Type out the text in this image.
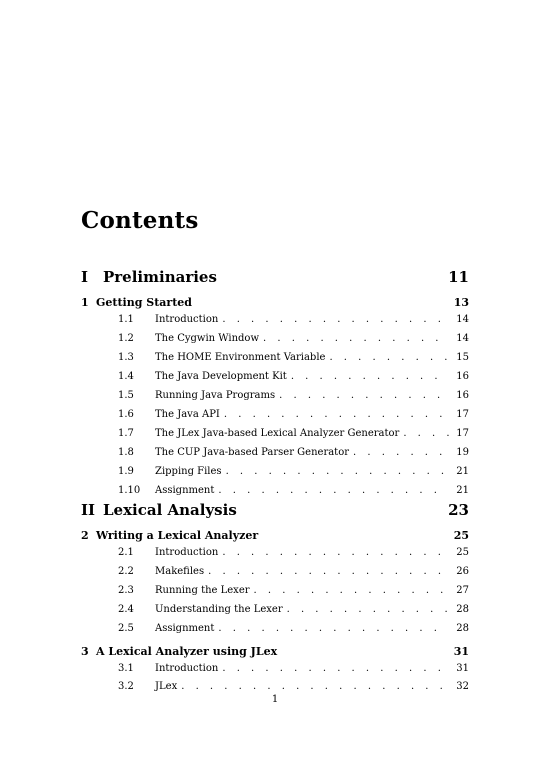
Contents
I Preliminaries	11
1 Getting Started	13
1.1	Introduction . . .	14
1.2	The Cygwin Window . . .	14
1.3	The HOME Environment Variable . . .	15
1.4	The Java Development Kit . . .	16
1.5	Running Java Programs . . .	16
1.6	The Java API . . .	17
1.7	The JLex Java-based Lexical Analyzer Generator . . .	17
1.8	The CUP Java-based Parser Generator . . .	19
1.9	Zipping Files . . .	21
1.10	Assignment . . .	21
II Lexical Analysis	23
2 Writing a Lexical Analyzer	25
2.1	Introduction . . .	25
2.2	Makefiles . . .	26
2.3	Running the Lexer . . .	27
2.4	Understanding the Lexer . . .	28
2.5	Assignment . . .	28
1
3 A Lexical Analyzer using JLex	31
3.1	Introduction . . .	31
3.2	JLex . . .	32
